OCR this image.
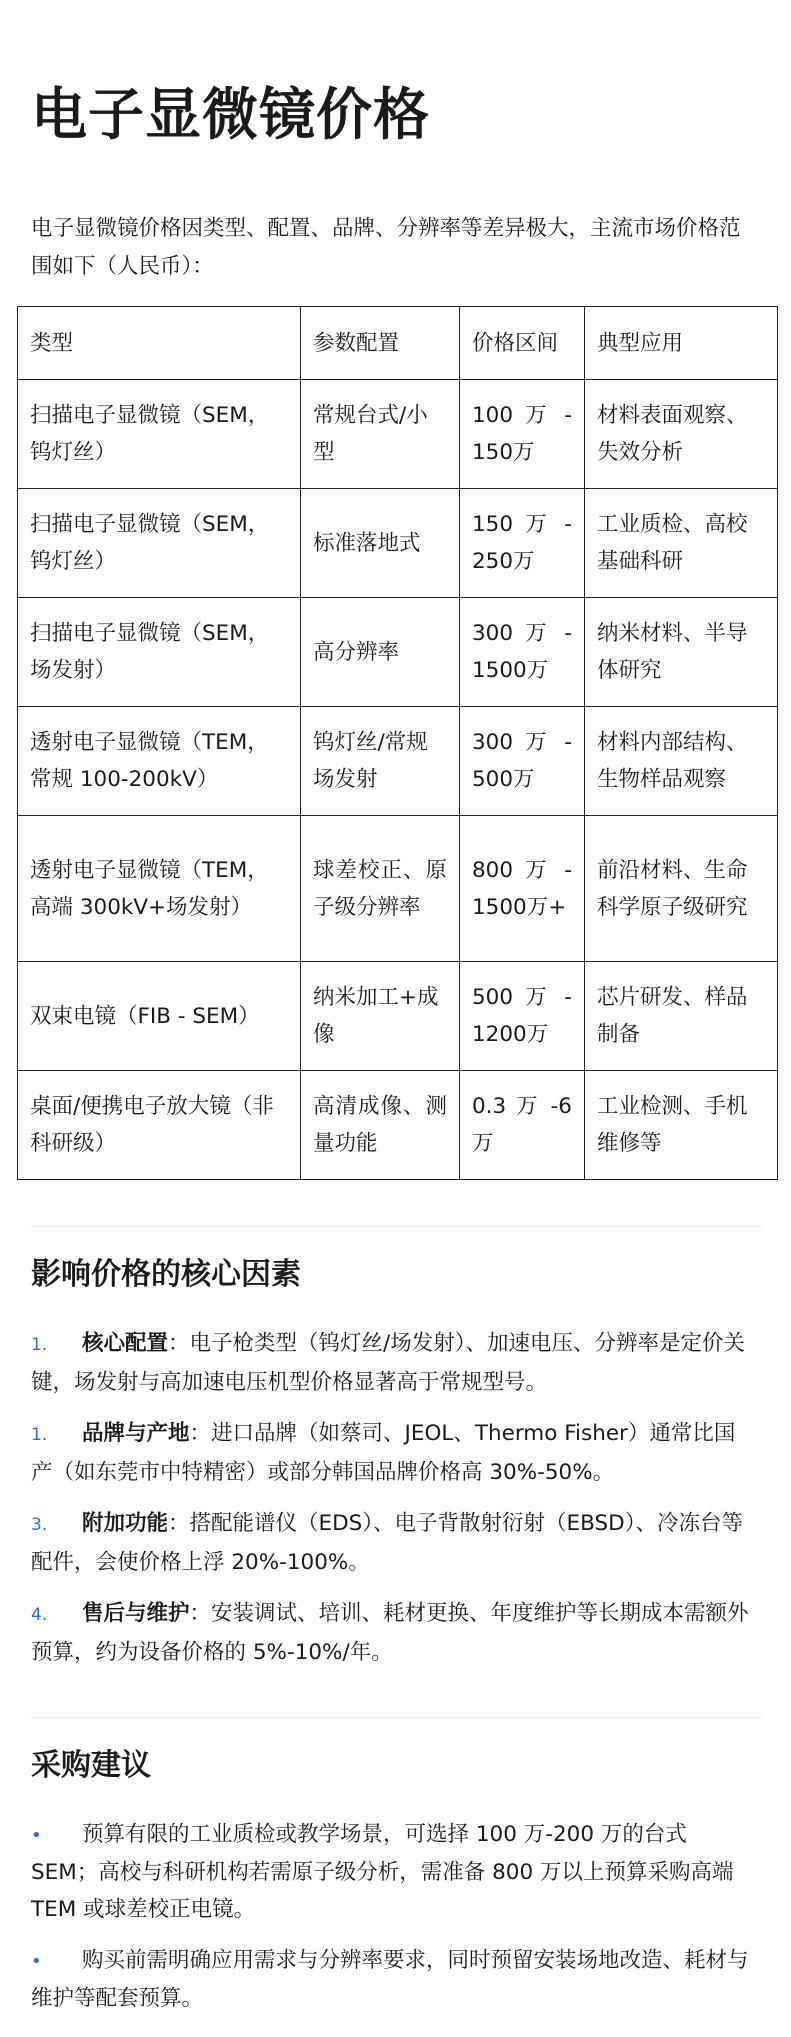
电子显微镜价格

电子显微镜价格因类型、配置、品牌、分辨率等差异极大，主流市场价格范围如下（人民币）：

类型	参数配置	价格区间	典型应用
扫描电子显微镜（SEM，钨灯丝）	常规台式/小型	100 万 - 150万	材料表面观察、失效分析
扫描电子显微镜（SEM，钨灯丝）	标准落地式	150 万 - 250万	工业质检、高校基础科研
扫描电子显微镜（SEM，场发射）	高分辨率	300 万 - 1500万	纳米材料、半导体研究
透射电子显微镜（TEM，常规 100-200kV）	钨灯丝/常规场发射	300 万 - 500万	材料内部结构、生物样品观察
透射电子显微镜（TEM，高端 300kV+场发射）	球差校正、原子级分辨率	800 万 - 1500万+	前沿材料、生命科学原子级研究
双束电镜（FIB - SEM）	纳米加工+成像	500 万 - 1200万	芯片研发、样品制备
桌面/便携电子放大镜（非科研级）	高清成像、测量功能	0.3 万 -6万	工业检测、手机维修等
影响价格的核心因素
1. 核心配置：电子枪类型（钨灯丝/场发射）、加速电压、分辨率是定价关键，场发射与高加速电压机型价格显著高于常规型号。
1. 品牌与产地：进口品牌（如蔡司、JEOL、Thermo Fisher）通常比国产（如东莞市中特精密）或部分韩国品牌价格高 30%-50%。
3. 附加功能：搭配能谱仪（EDS）、电子背散射衍射（EBSD）、冷冻台等配件，会使价格上浮 20%-100%。
4. 售后与维护：安装调试、培训、耗材更换、年度维护等长期成本需额外预算，约为设备价格的 5%-10%/年。
采购建议
• 预算有限的工业质检或教学场景，可选择 100 万-200 万的台式 SEM；高校与科研机构若需原子级分析，需准备 800 万以上预算采购高端 TEM 或球差校正电镜。
• 购买前需明确应用需求与分辨率要求，同时预留安装场地改造、耗材与维护等配套预算。
